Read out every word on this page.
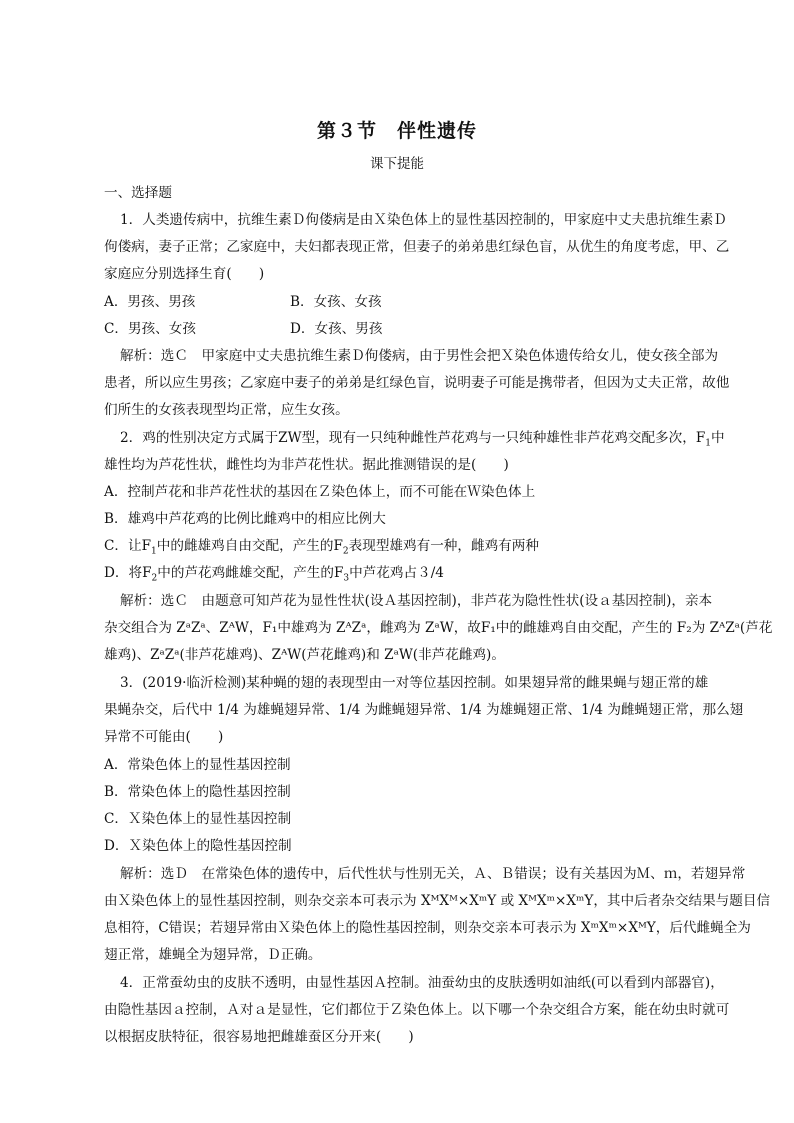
第３节　伴性遗传
课下提能
一、选择题
1．人类遗传病中，抗维生素Ｄ佝偻病是由Ｘ染色体上的显性基因控制的，甲家庭中丈夫患抗维生素Ｄ
佝偻病，妻子正常；乙家庭中，夫妇都表现正常，但妻子的弟弟患红绿色盲，从优生的角度考虑，甲、乙
家庭应分别选择生育(　　)
A．男孩、男孩	B．女孩、女孩
C．男孩、女孩	D．女孩、男孩
解析：选Ｃ　甲家庭中丈夫患抗维生素Ｄ佝偻病，由于男性会把Ｘ染色体遗传给女儿，使女孩全部为
患者，所以应生男孩；乙家庭中妻子的弟弟是红绿色盲，说明妻子可能是携带者，但因为丈夫正常，故他
们所生的女孩表现型均正常，应生女孩。
2．鸡的性别决定方式属于ZW型，现有一只纯种雌性芦花鸡与一只纯种雄性非芦花鸡交配多次，$F_1$中
雄性均为芦花性状，雌性均为非芦花性状。据此推测错误的是(　　)
A．控制芦花和非芦花性状的基因在Ｚ染色体上，而不可能在Ｗ染色体上
B．雄鸡中芦花鸡的比例比雌鸡中的相应比例大
C．让$F_1$中的雌雄鸡自由交配，产生的$F_2$表现型雄鸡有一种，雌鸡有两种
D．将$F_2$中的芦花鸡雌雄交配，产生的$F_3$中芦花鸡占３/4
解析：选Ｃ　由题意可知芦花为显性性状(设Ａ基因控制)，非芦花为隐性性状(设ａ基因控制)，亲本
杂交组合为 ZᵃZᵃ、ZᴬW，F₁中雄鸡为 ZᴬZᵃ，雌鸡为 ZᵃW，故F₁中的雌雄鸡自由交配，产生的 F₂为 ZᴬZᵃ(芦花
雄鸡)、ZᵃZᵃ(非芦花雄鸡)、ZᴬW(芦花雌鸡)和 ZᵃW(非芦花雌鸡)。
3．(2019·临沂检测)某种蝇的翅的表现型由一对等位基因控制。如果翅异常的雌果蝇与翅正常的雄
果蝇杂交，后代中 1/4 为雄蝇翅异常、1/4 为雌蝇翅异常、1/4 为雄蝇翅正常、1/4 为雌蝇翅正常，那么翅
异常不可能由(　　)
A．常染色体上的显性基因控制
B．常染色体上的隐性基因控制
C．Ｘ染色体上的显性基因控制
D．Ｘ染色体上的隐性基因控制
解析：选Ｄ　在常染色体的遗传中，后代性状与性别无关，Ａ、Ｂ错误；设有关基因为Ｍ、ｍ，若翅异常
由Ｘ染色体上的显性基因控制，则杂交亲本可表示为 XᴹXᴹ×XᵐY 或 XᴹXᵐ×XᵐY，其中后者杂交结果与题目信
息相符，C错误；若翅异常由Ｘ染色体上的隐性基因控制，则杂交亲本可表示为 XᵐXᵐ×XᴹY，后代雌蝇全为
翅正常，雄蝇全为翅异常，Ｄ正确。
4．正常蚕幼虫的皮肤不透明，由显性基因Ａ控制。油蚕幼虫的皮肤透明如油纸(可以看到内部器官)，
由隐性基因ａ控制，Ａ对ａ是显性，它们都位于Ｚ染色体上。以下哪一个杂交组合方案，能在幼虫时就可
以根据皮肤特征，很容易地把雌雄蚕区分开来(　　)
